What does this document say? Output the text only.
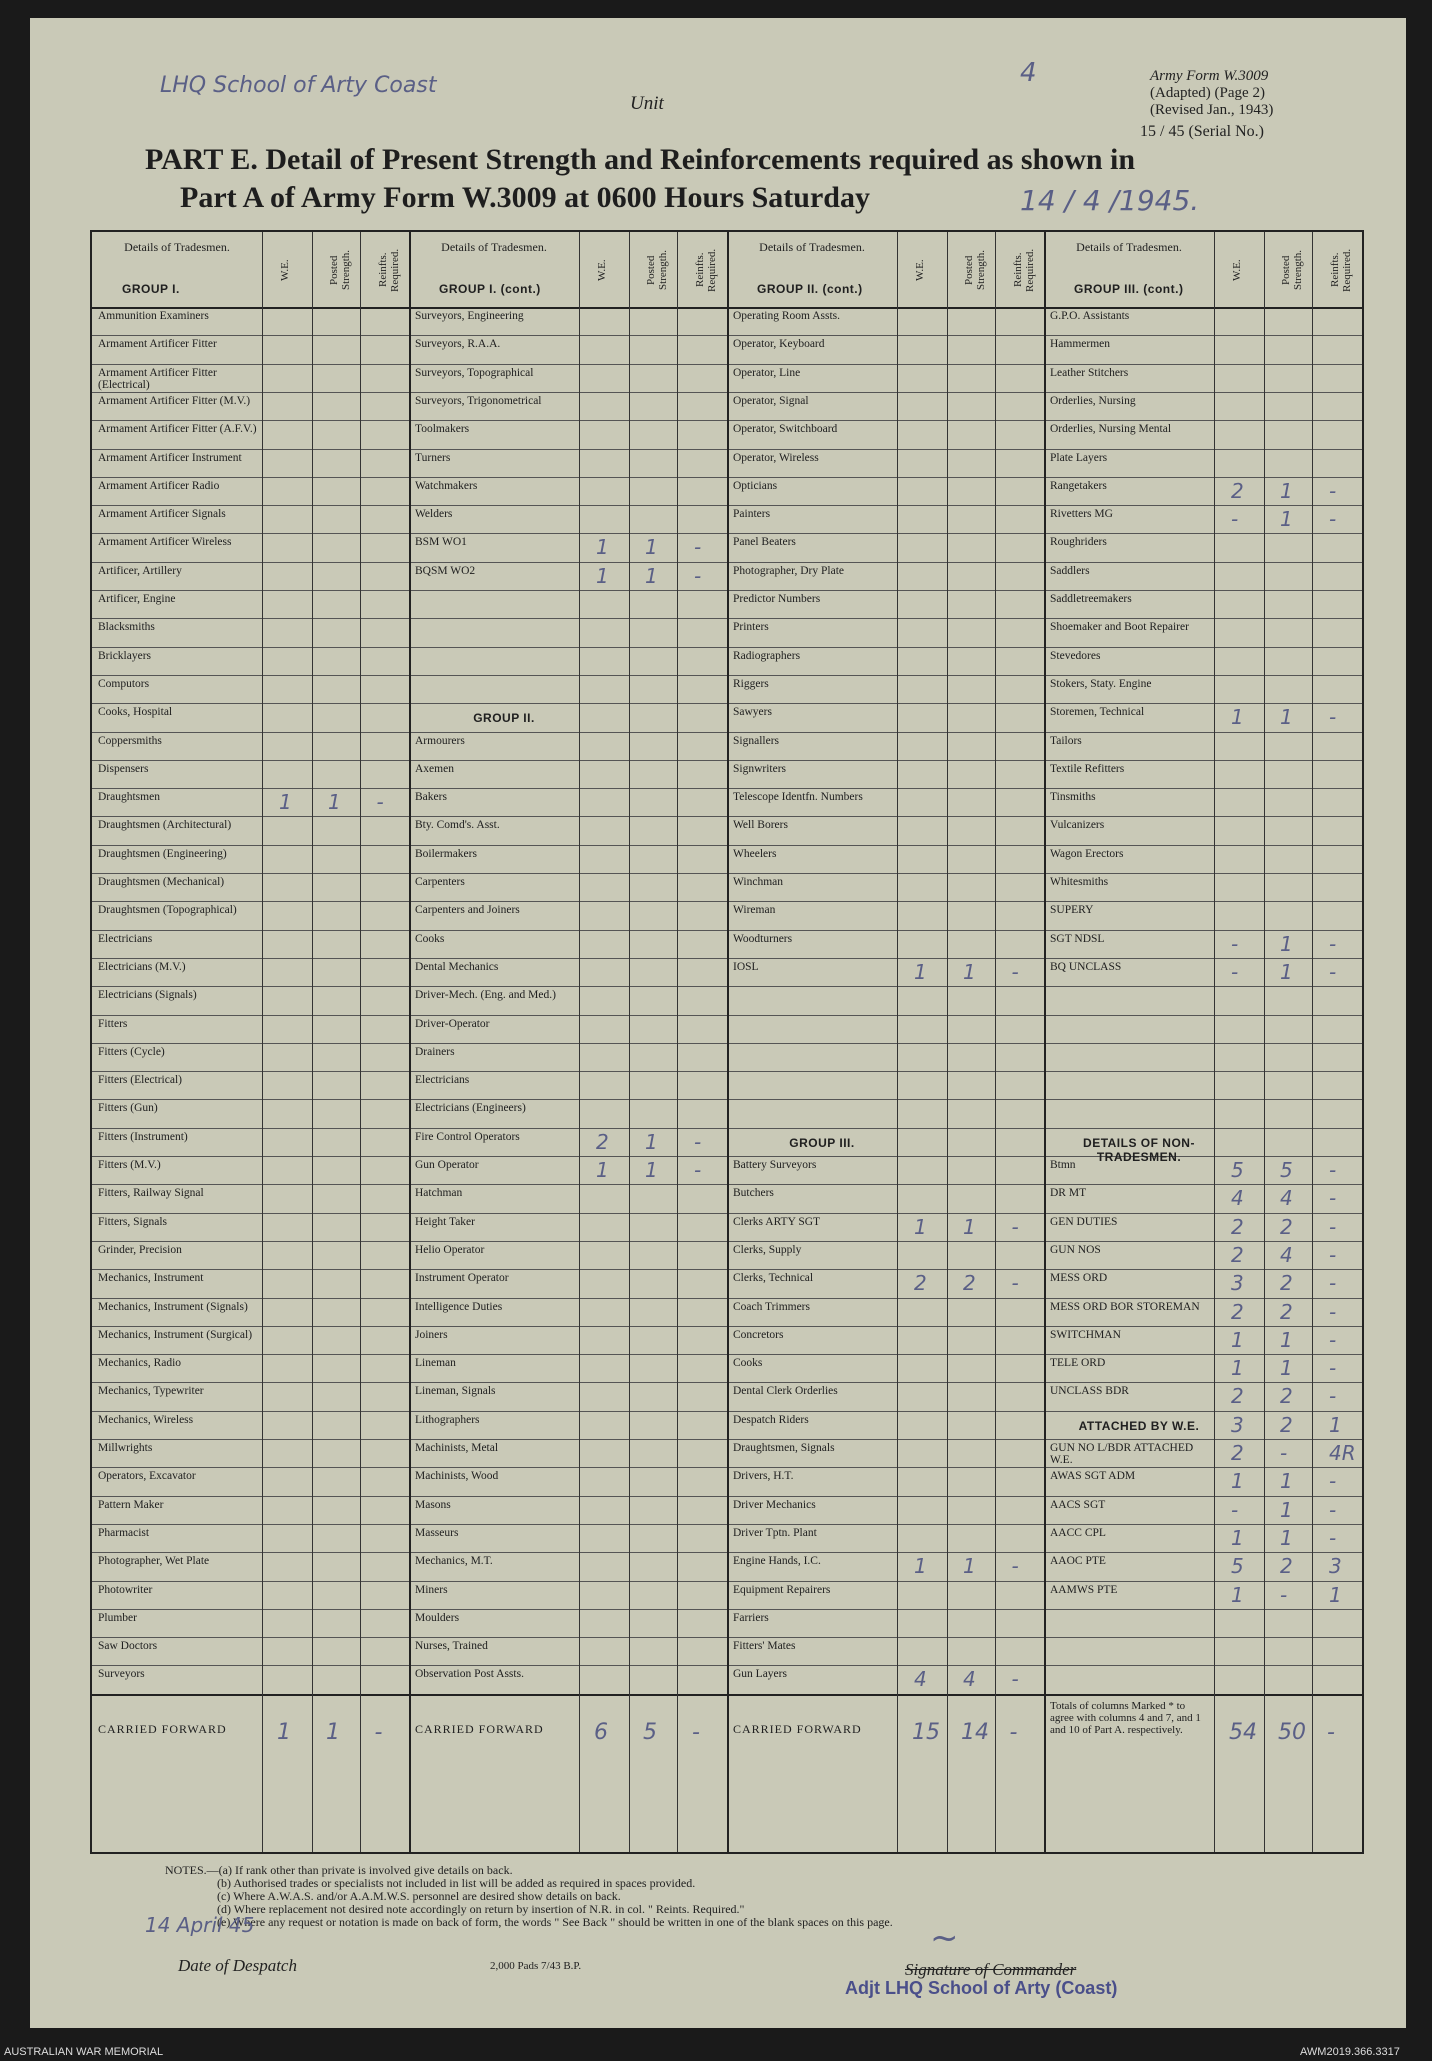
LHQ School of Arty Coast
Unit
4	Army Form W.3009
(Adapted) (Page 2)
(Revised Jan., 1943)
15 / 45 (Serial No.)
PART E. Detail of Present Strength and Reinforcements required as shown in
Part A of Army Form W.3009 at 0600 Hours Saturday	14 / 4 /1945.
Details of Tradesmen.
GROUP I.
W.E.	Posted Strength. Reinfts. Required.
Ammunition Examiners
Armament Artificer Fitter
Armament Artificer Fitter (Electrical)
Armament Artificer Fitter (M.V.)
Armament Artificer Fitter (A.F.V.)
Armament Artificer Instrument
Armament Artificer Radio
Armament Artificer Signals
Armament Artificer Wireless
Artificer, Artillery
Artificer, Engine
Blacksmiths
Bricklayers
Computors
Cooks, Hospital
Coppersmiths
Dispensers
Draughtsmen	1 1 -
Draughtsmen (Architectural)
Draughtsmen (Engineering)
Draughtsmen (Mechanical)
Draughtsmen (Topographical)
Electricians
Electricians (M.V.)
Electricians (Signals)
Fitters
Fitters (Cycle)
Fitters (Electrical)
Fitters (Gun)
Fitters (Instrument)
Fitters (M.V.)
Fitters, Railway Signal
Fitters, Signals
Grinder, Precision
Mechanics, Instrument
Mechanics, Instrument (Signals)
Mechanics, Instrument (Surgical)
Mechanics, Radio
Mechanics, Typewriter
Mechanics, Wireless
Millwrights
Operators, Excavator
Pattern Maker
Pharmacist
Photographer, Wet Plate
Photowriter
Plumber
Saw Doctors
Surveyors
CARRIED FORWARD 1 1 -
Details of Tradesmen.
GROUP I. (cont.)
W.E.	Posted Strength. Reinfts. Required.
Surveyors, Engineering
Surveyors, R.A.A.
Surveyors, Topographical
Surveyors, Trigonometrical
Toolmakers
Turners
Watchmakers
Welders
BSM WO1	1 1 -
BQSM WO2	1 1 -
GROUP II.
Armourers
Axemen
Bakers
Bty. Comd's. Asst.
Boilermakers
Carpenters
Carpenters and Joiners
Cooks
Dental Mechanics
Driver-Mech. (Eng. and Med.)
Driver-Operator
Drainers
Electricians
Electricians (Engineers)
Fire Control Operators	2 1 -
Gun Operator	1 1 -
Hatchman
Height Taker
Helio Operator
Instrument Operator
Intelligence Duties
Joiners
Lineman
Lineman, Signals
Lithographers
Machinists, Metal
Machinists, Wood
Masons
Masseurs
Mechanics, M.T.
Miners
Moulders
Nurses, Trained
Observation Post Assts.
CARRIED FORWARD 6 5 -
Details of Tradesmen.
GROUP II. (cont.)
W.E.	Posted Strength. Reinfts. Required.
Operating Room Assts.
Operator, Keyboard
Operator, Line
Operator, Signal
Operator, Switchboard
Operator, Wireless
Opticians
Painters
Panel Beaters
Photographer, Dry Plate
Predictor Numbers
Printers
Radiographers
Riggers
Sawyers
Signallers
Signwriters
Telescope Identfn. Numbers
Well Borers
Wheelers
Winchman
Wireman
Woodturners
IOSL	1 1 -
GROUP III.
Battery Surveyors
Butchers
Clerks ARTY SGT	1 1 -
Clerks, Supply
Clerks, Technical	2 2 -
Coach Trimmers
Concretors
Cooks
Dental Clerk Orderlies
Despatch Riders
Draughtsmen, Signals
Drivers, H.T.
Driver Mechanics
Driver Tptn. Plant
Engine Hands, I.C.	1 1 -
Equipment Repairers
Farriers
Fitters' Mates
Gun Layers	4 4 -
CARRIED FORWARD 15 14 -
Details of Tradesmen.
GROUP III. (cont.)
W.E.	Posted Strength. Reinfts. Required.
G.P.O. Assistants
Hammermen
Leather Stitchers
Orderlies, Nursing
Orderlies, Nursing Mental
Plate Layers
Rangetakers	2 1 -
Rivetters MG	- 1 -
Roughriders
Saddlers
Saddletreemakers
Shoemaker and Boot Repairer
Stevedores
Stokers, Staty. Engine
Storemen, Technical	1 1 -
Tailors
Textile Refitters
Tinsmiths
Vulcanizers
Wagon Erectors
Whitesmiths
SUPERY
SGT NDSL	- 1 -
BQ UNCLASS	- 1 -
DETAILS OF NON-TRADESMEN.
Btmn	5 5 -
DR MT	4 4 -
GEN DUTIES	2 2 -
GUN NOS	2 4 -
MESS ORD	3 2 -
MESS ORD BOR STOREMAN	2 2 -
SWITCHMAN	1 1 -
TELE ORD	1 1 -
UNCLASS BDR	2 2 -
ATTACHED BY W.E. 3 2 1
GUN NO L/BDR ATTACHED W.E.	2 - 4R
AWAS SGT ADM	1 1 -
AACS SGT	- 1 -
AACC CPL	1 1 -
AAOC PTE	5 2 3
AAMWS PTE	1 - 1
Totals of columns Marked * to agree with columns 4 and 7, and 1 and 10 of Part A. respectively.	54 50 -
NOTES.—(a) If rank other than private is involved give details on back.
(b) Authorised trades or specialists not included in list will be added as required in spaces provided.
(c) Where A.W.A.S. and/or A.A.M.W.S. personnel are desired show details on back.
(d) Where replacement not desired note accordingly on return by insertion of N.R. in col. " Reints. Required."
(e) Where any request or notation is made on back of form, the words " See Back " should be written in one of the blank spaces on this page.
14 April 45
Date of Despatch	2,000 Pads 7/43 B.P.
~
Signature of Commander
Adjt LHQ School of Arty (Coast)
AUSTRALIAN WAR MEMORIAL	AWM2019.366.3317
